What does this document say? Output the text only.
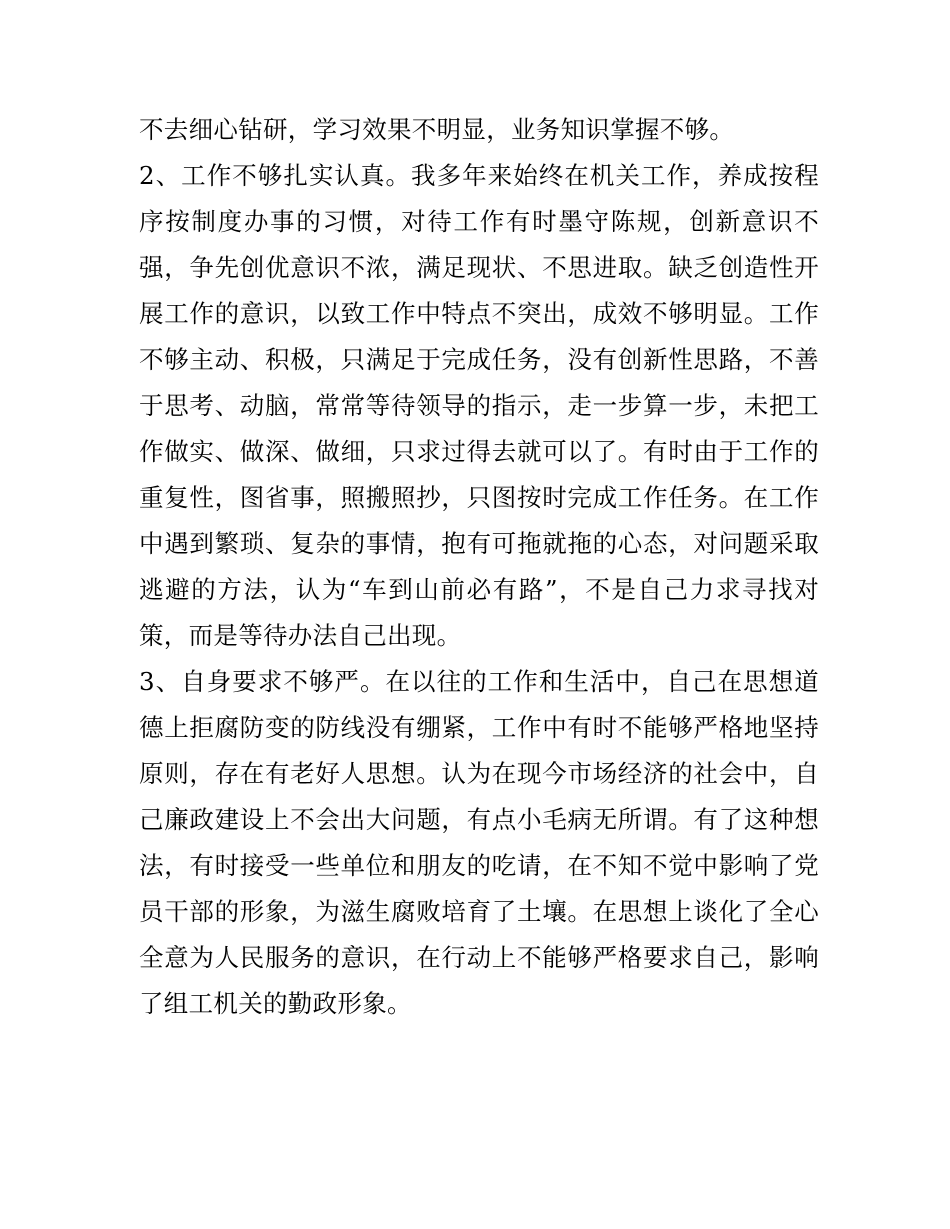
不去细心钻研，学习效果不明显，业务知识掌握不够。
2、工作不够扎实认真。我多年来始终在机关工作，养成按程
序按制度办事的习惯，对待工作有时墨守陈规，创新意识不
强，争先创优意识不浓，满足现状、不思进取。缺乏创造性开
展工作的意识，以致工作中特点不突出，成效不够明显。工作
不够主动、积极，只满足于完成任务，没有创新性思路，不善
于思考、动脑，常常等待领导的指示，走一步算一步，未把工
作做实、做深、做细，只求过得去就可以了。有时由于工作的
重复性，图省事，照搬照抄，只图按时完成工作任务。在工作
中遇到繁琐、复杂的事情，抱有可拖就拖的心态，对问题采取
逃避的方法，认为“车到山前必有路”，不是自己力求寻找对
策，而是等待办法自己出现。
3、自身要求不够严。在以往的工作和生活中，自己在思想道
德上拒腐防变的防线没有绷紧，工作中有时不能够严格地坚持
原则，存在有老好人思想。认为在现今市场经济的社会中，自
己廉政建设上不会出大问题，有点小毛病无所谓。有了这种想
法，有时接受一些单位和朋友的吃请，在不知不觉中影响了党
员干部的形象，为滋生腐败培育了土壤。在思想上谈化了全心
全意为人民服务的意识，在行动上不能够严格要求自己，影响
了组工机关的勤政形象。
